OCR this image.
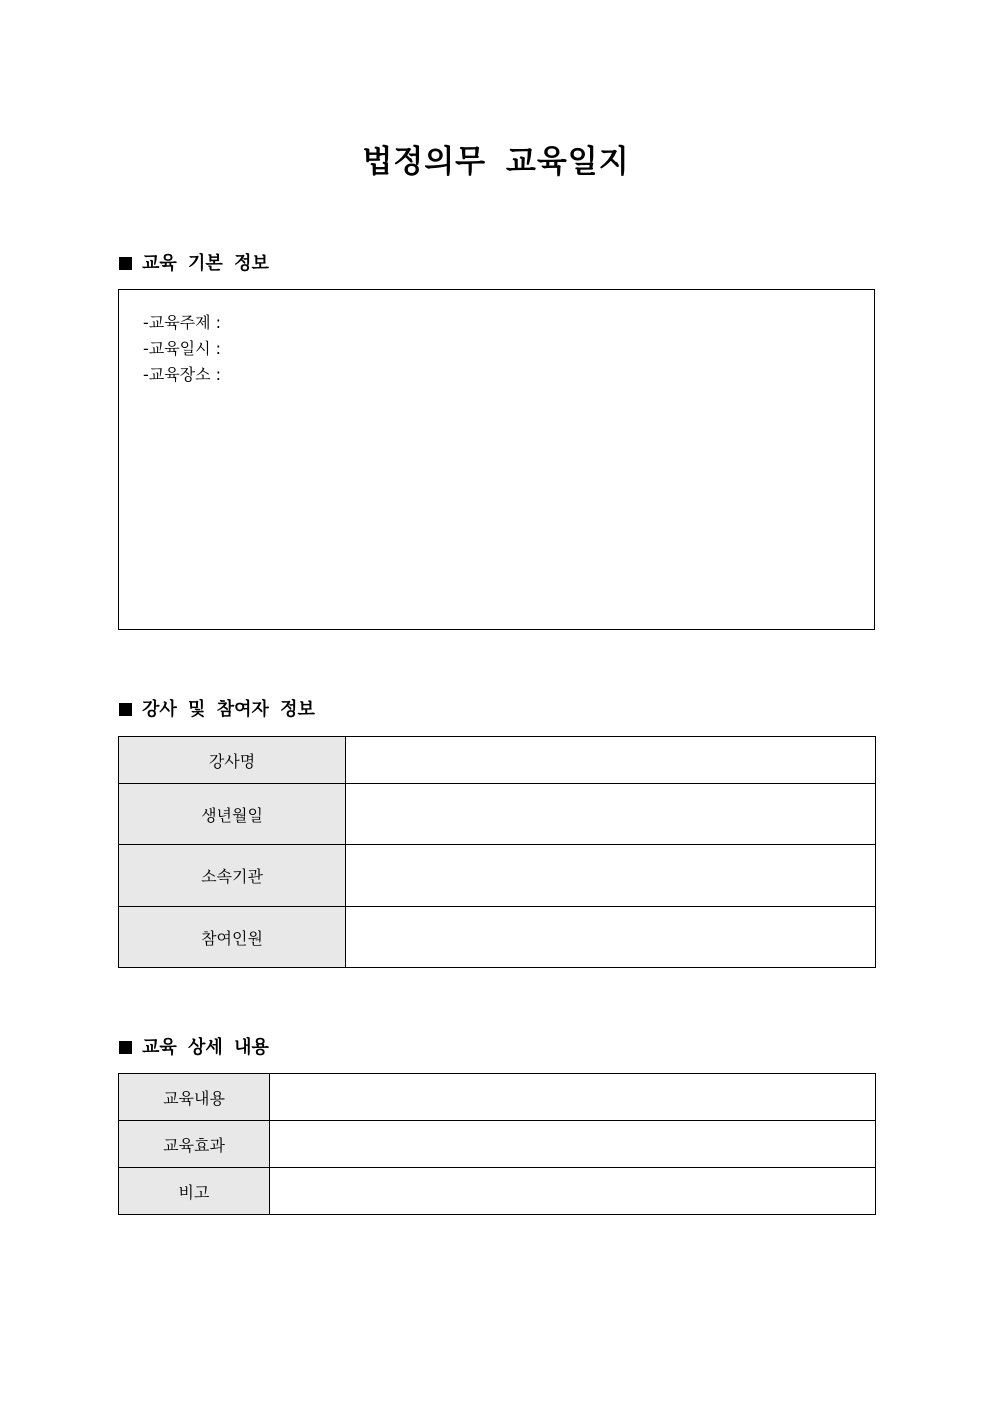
법정의무 교육일지
교육 기본 정보
-교육주제 :
-교육일시 :
-교육장소 :
강사 및 참여자 정보
강사명	
생년월일	
소속기관	
참여인원	
교육 상세 내용
교육내용	
교육효과	
비고	
